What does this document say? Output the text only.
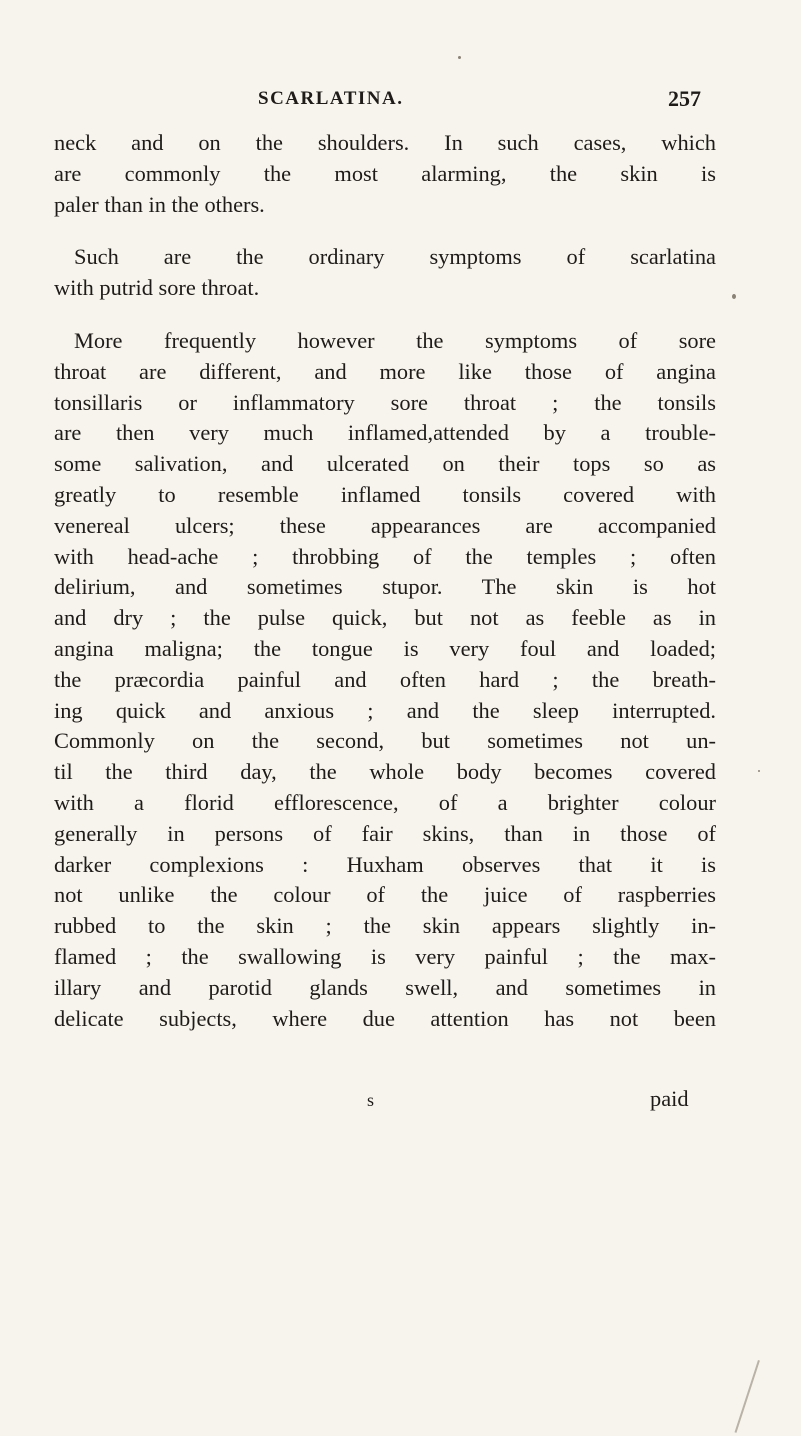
SCARLATINA.	257
neck and on the shoulders. In such cases, which
are commonly the most alarming, the skin is
paler than in the others.
Such are the ordinary symptoms of scarlatina
with putrid sore throat.
More frequently however the symptoms of sore
throat are different, and more like those of angina
tonsillaris or inflammatory sore throat ; the tonsils
are then very much inflamed,attended by a trouble-
some salivation, and ulcerated on their tops so as
greatly to resemble inflamed tonsils covered with
venereal ulcers; these appearances are accompanied
with head-ache ; throbbing of the temples ; often
delirium, and sometimes stupor. The skin is hot
and dry ; the pulse quick, but not as feeble as in
angina maligna; the tongue is very foul and loaded;
the præcordia painful and often hard ; the breath-
ing quick and anxious ; and the sleep interrupted.
Commonly on the second, but sometimes not un-
til the third day, the whole body becomes covered
with a florid efflorescence, of a brighter colour
generally in persons of fair skins, than in those of
darker complexions : Huxham observes that it is
not unlike the colour of the juice of raspberries
rubbed to the skin ; the skin appears slightly in-
flamed ; the swallowing is very painful ; the max-
illary and parotid glands swell, and sometimes in
delicate subjects, where due attention has not been
s	paid
